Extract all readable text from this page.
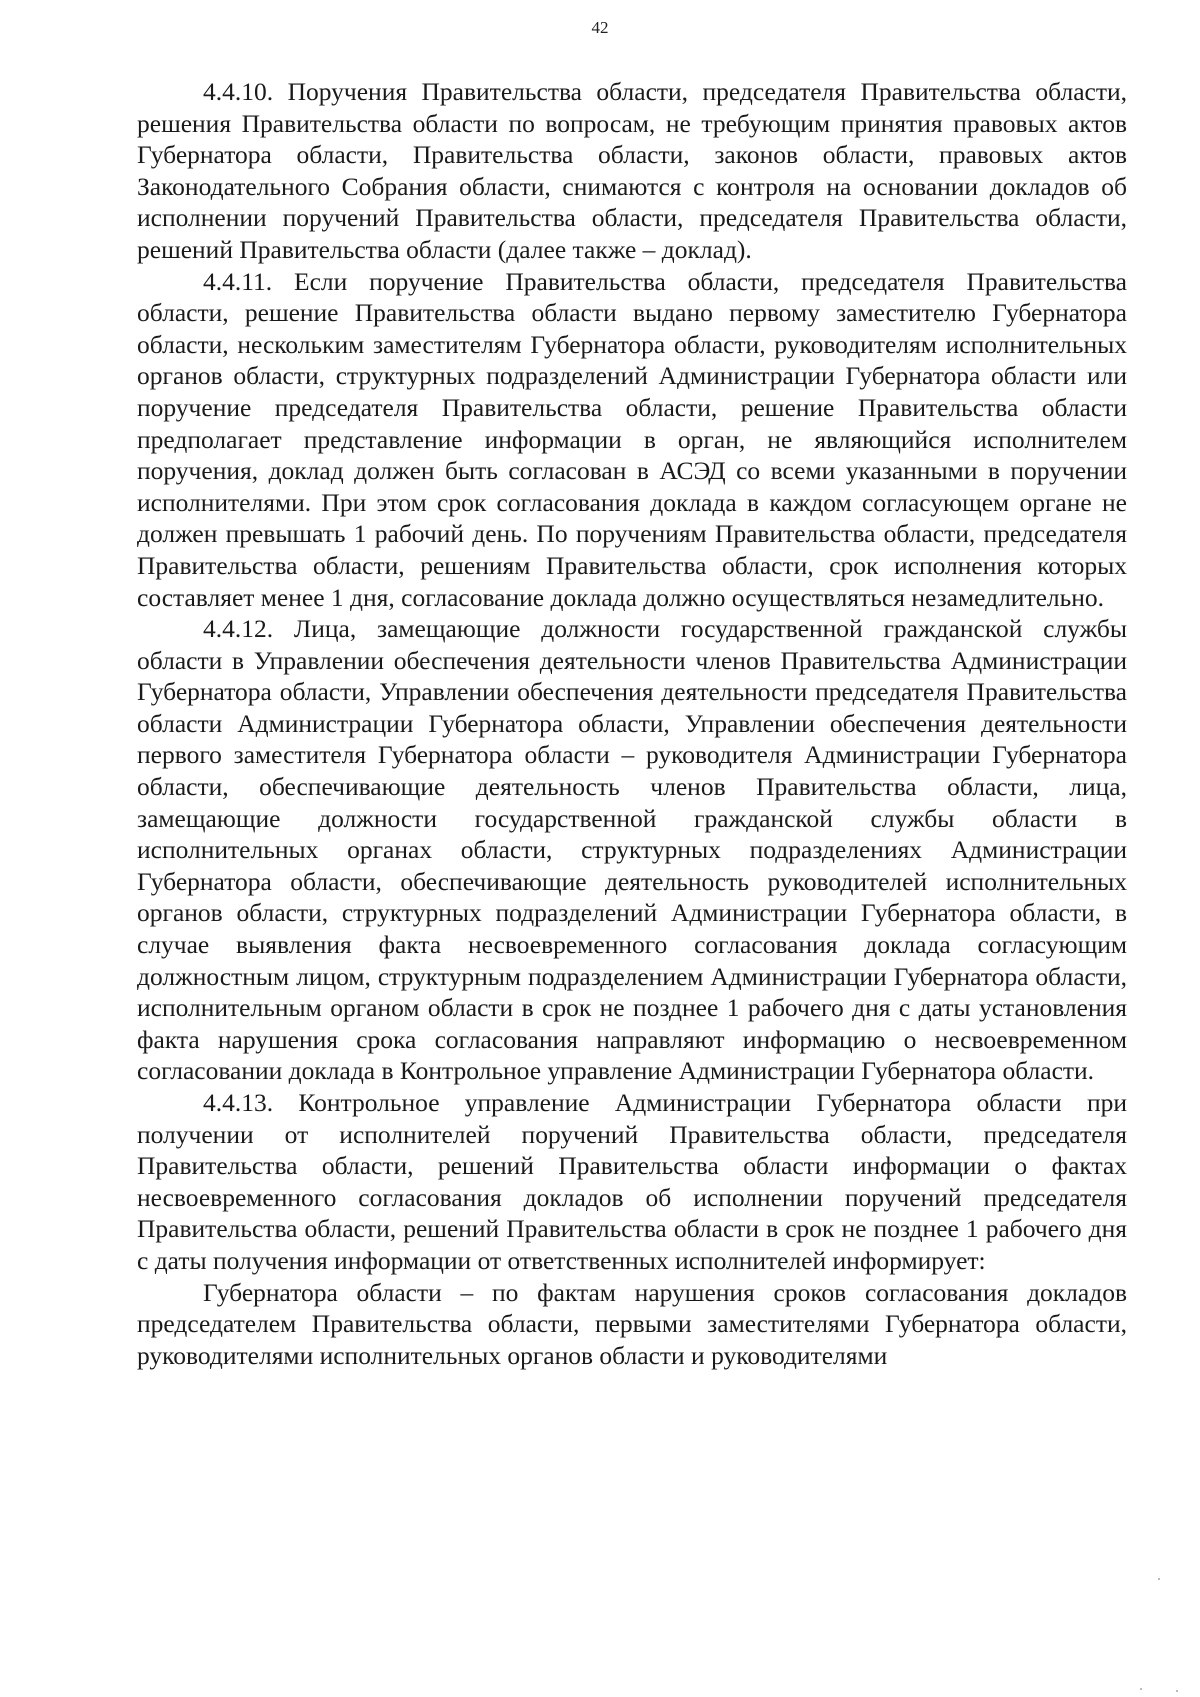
42

4.4.10. Поручения Правительства области, председателя Правительства области, решения Правительства области по вопросам, не требующим принятия правовых актов Губернатора области, Правительства области, законов области, правовых актов Законодательного Собрания области, снимаются с контроля на основании докладов об исполнении поручений Правительства области, председателя Правительства области, решений Правительства области (далее также – доклад).

4.4.11. Если поручение Правительства области, председателя Правительства области, решение Правительства области выдано первому заместителю Губернатора области, нескольким заместителям Губернатора области, руководителям исполнительных органов области, структурных подразделений Администрации Губернатора области или поручение председателя Правительства области, решение Правительства области предполагает представление информации в орган, не являющийся исполнителем поручения, доклад должен быть согласован в АСЭД со всеми указанными в поручении исполнителями. При этом срок согласования доклада в каждом согласующем органе не должен превышать 1 рабочий день. По поручениям Правительства области, председателя Правительства области, решениям Правительства области, срок исполнения которых составляет менее 1 дня, согласование доклада должно осуществляться незамедлительно.

4.4.12. Лица, замещающие должности государственной гражданской службы области в Управлении обеспечения деятельности членов Правительства Администрации Губернатора области, Управлении обеспечения деятельности председателя Правительства области Администрации Губернатора области, Управлении обеспечения деятельности первого заместителя Губернатора области – руководителя Администрации Губернатора области, обеспечивающие деятельность членов Правительства области, лица, замещающие должности государственной гражданской службы области в исполнительных органах области, структурных подразделениях Администрации Губернатора области, обеспечивающие деятельность руководителей исполнительных органов области, структурных подразделений Администрации Губернатора области, в случае выявления факта несвоевременного согласования доклада согласующим должностным лицом, структурным подразделением Администрации Губернатора области, исполнительным органом области в срок не позднее 1 рабочего дня с даты установления факта нарушения срока согласования направляют информацию о несвоевременном согласовании доклада в Контрольное управление Администрации Губернатора области.

4.4.13. Контрольное управление Администрации Губернатора области при получении от исполнителей поручений Правительства области, председателя Правительства области, решений Правительства области информации о фактах несвоевременного согласования докладов об исполнении поручений председателя Правительства области, решений Правительства области в срок не позднее 1 рабочего дня с даты получения информации от ответственных исполнителей информирует:

Губернатора области – по фактам нарушения сроков согласования докладов председателем Правительства области, первыми заместителями Губернатора области, руководителями исполнительных органов области и руководителями
